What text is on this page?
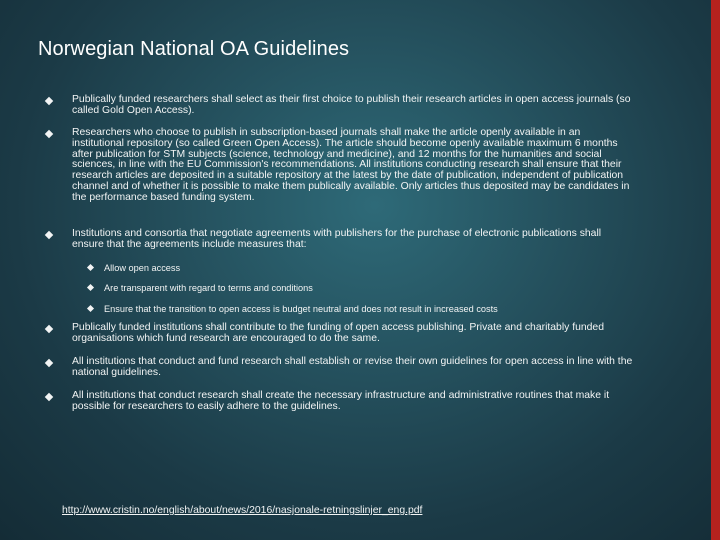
Norwegian National OA Guidelines
Publically funded researchers shall select as their first choice to publish their research articles in open access journals (so called Gold Open Access).
Researchers who choose to publish in subscription-based journals shall make the article openly available in an institutional repository (so called Green Open Access). The article should become openly available maximum 6 months after publication for STM subjects (science, technology and medicine), and 12 months for the humanities and social sciences, in line with the EU Commission's recommendations. All institutions conducting research shall ensure that their research articles are deposited in a suitable repository at the latest by the date of publication, independent of publication channel and of whether it is possible to make them publically available. Only articles thus deposited may be candidates in the performance based funding system.
Institutions and consortia that negotiate agreements with publishers for the purchase of electronic publications shall ensure that the agreements include measures that:
Allow open access
Are transparent with regard to terms and conditions
Ensure that the transition to open access is budget neutral and does not result in increased costs
Publically funded institutions shall contribute to the funding of open access publishing. Private and charitably funded organisations which fund research are encouraged to do the same.
All institutions that conduct and fund research shall establish or revise their own guidelines for open access in line with the national guidelines.
All institutions that conduct research shall create the necessary infrastructure and administrative routines that make it possible for researchers to easily adhere to the guidelines.
http://www.cristin.no/english/about/news/2016/nasjonale-retningslinjer_eng.pdf
